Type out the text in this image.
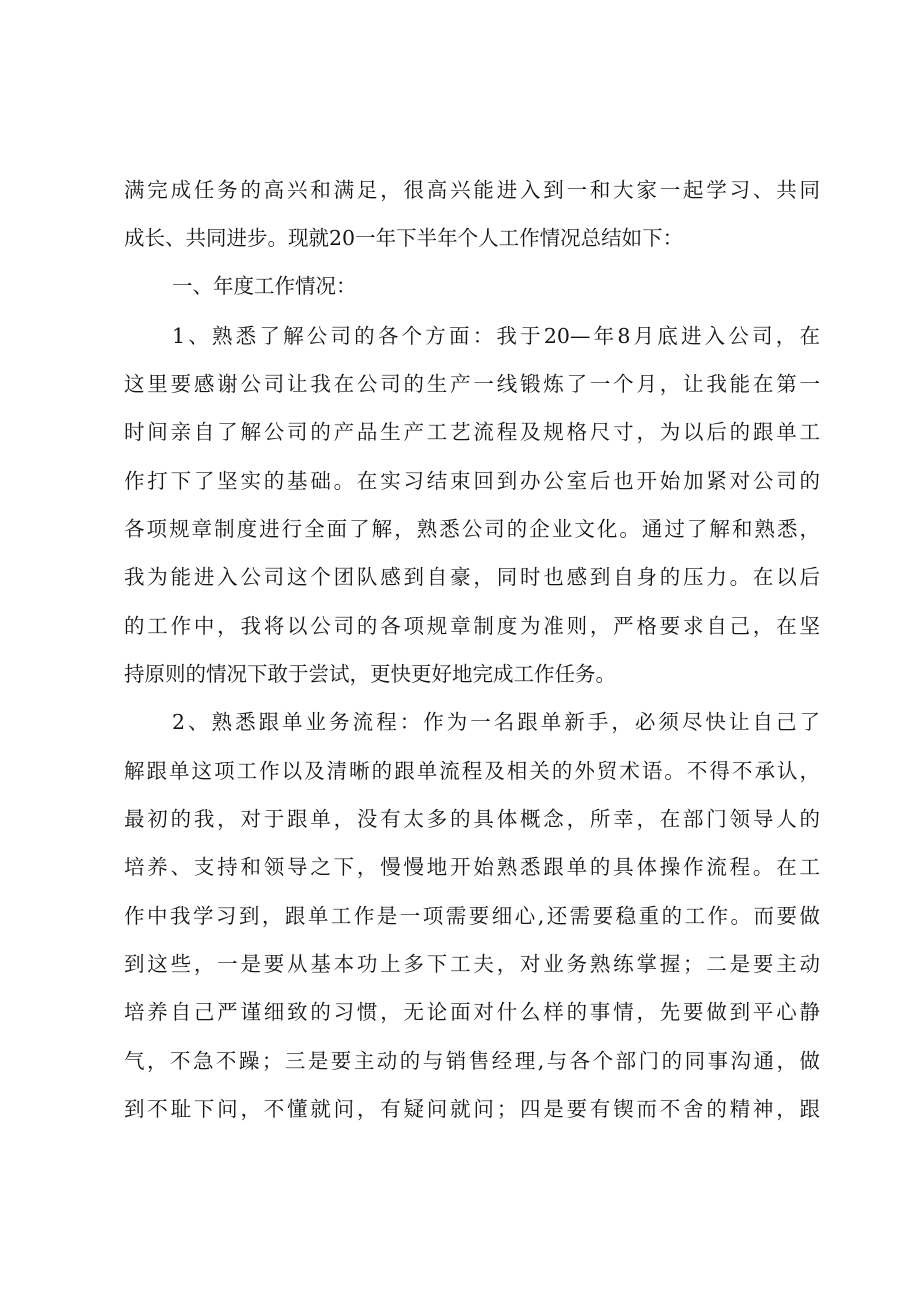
满完成任务的高兴和满足，很高兴能进入到一和大家一起学习、共同
成长、共同进步。现就20一年下半年个人工作情况总结如下：
一、年度工作情况：
1、熟悉了解公司的各个方面：我于20—年8月底进入公司，在
这里要感谢公司让我在公司的生产一线锻炼了一个月，让我能在第一
时间亲自了解公司的产品生产工艺流程及规格尺寸，为以后的跟单工
作打下了坚实的基础。在实习结束回到办公室后也开始加紧对公司的
各项规章制度进行全面了解，熟悉公司的企业文化。通过了解和熟悉，
我为能进入公司这个团队感到自豪，同时也感到自身的压力。在以后
的工作中，我将以公司的各项规章制度为准则，严格要求自己，在坚
持原则的情况下敢于尝试，更快更好地完成工作任务。
2、熟悉跟单业务流程：作为一名跟单新手，必须尽快让自己了
解跟单这项工作以及清晰的跟单流程及相关的外贸术语。不得不承认，
最初的我，对于跟单，没有太多的具体概念，所幸，在部门领导人的
培养、支持和领导之下，慢慢地开始熟悉跟单的具体操作流程。在工
作中我学习到，跟单工作是一项需要细心,还需要稳重的工作。而要做
到这些，一是要从基本功上多下工夫，对业务熟练掌握；二是要主动
培养自己严谨细致的习惯，无论面对什么样的事情，先要做到平心静
气，不急不躁；三是要主动的与销售经理,与各个部门的同事沟通，做
到不耻下问，不懂就问，有疑问就问；四是要有锲而不舍的精神，跟
